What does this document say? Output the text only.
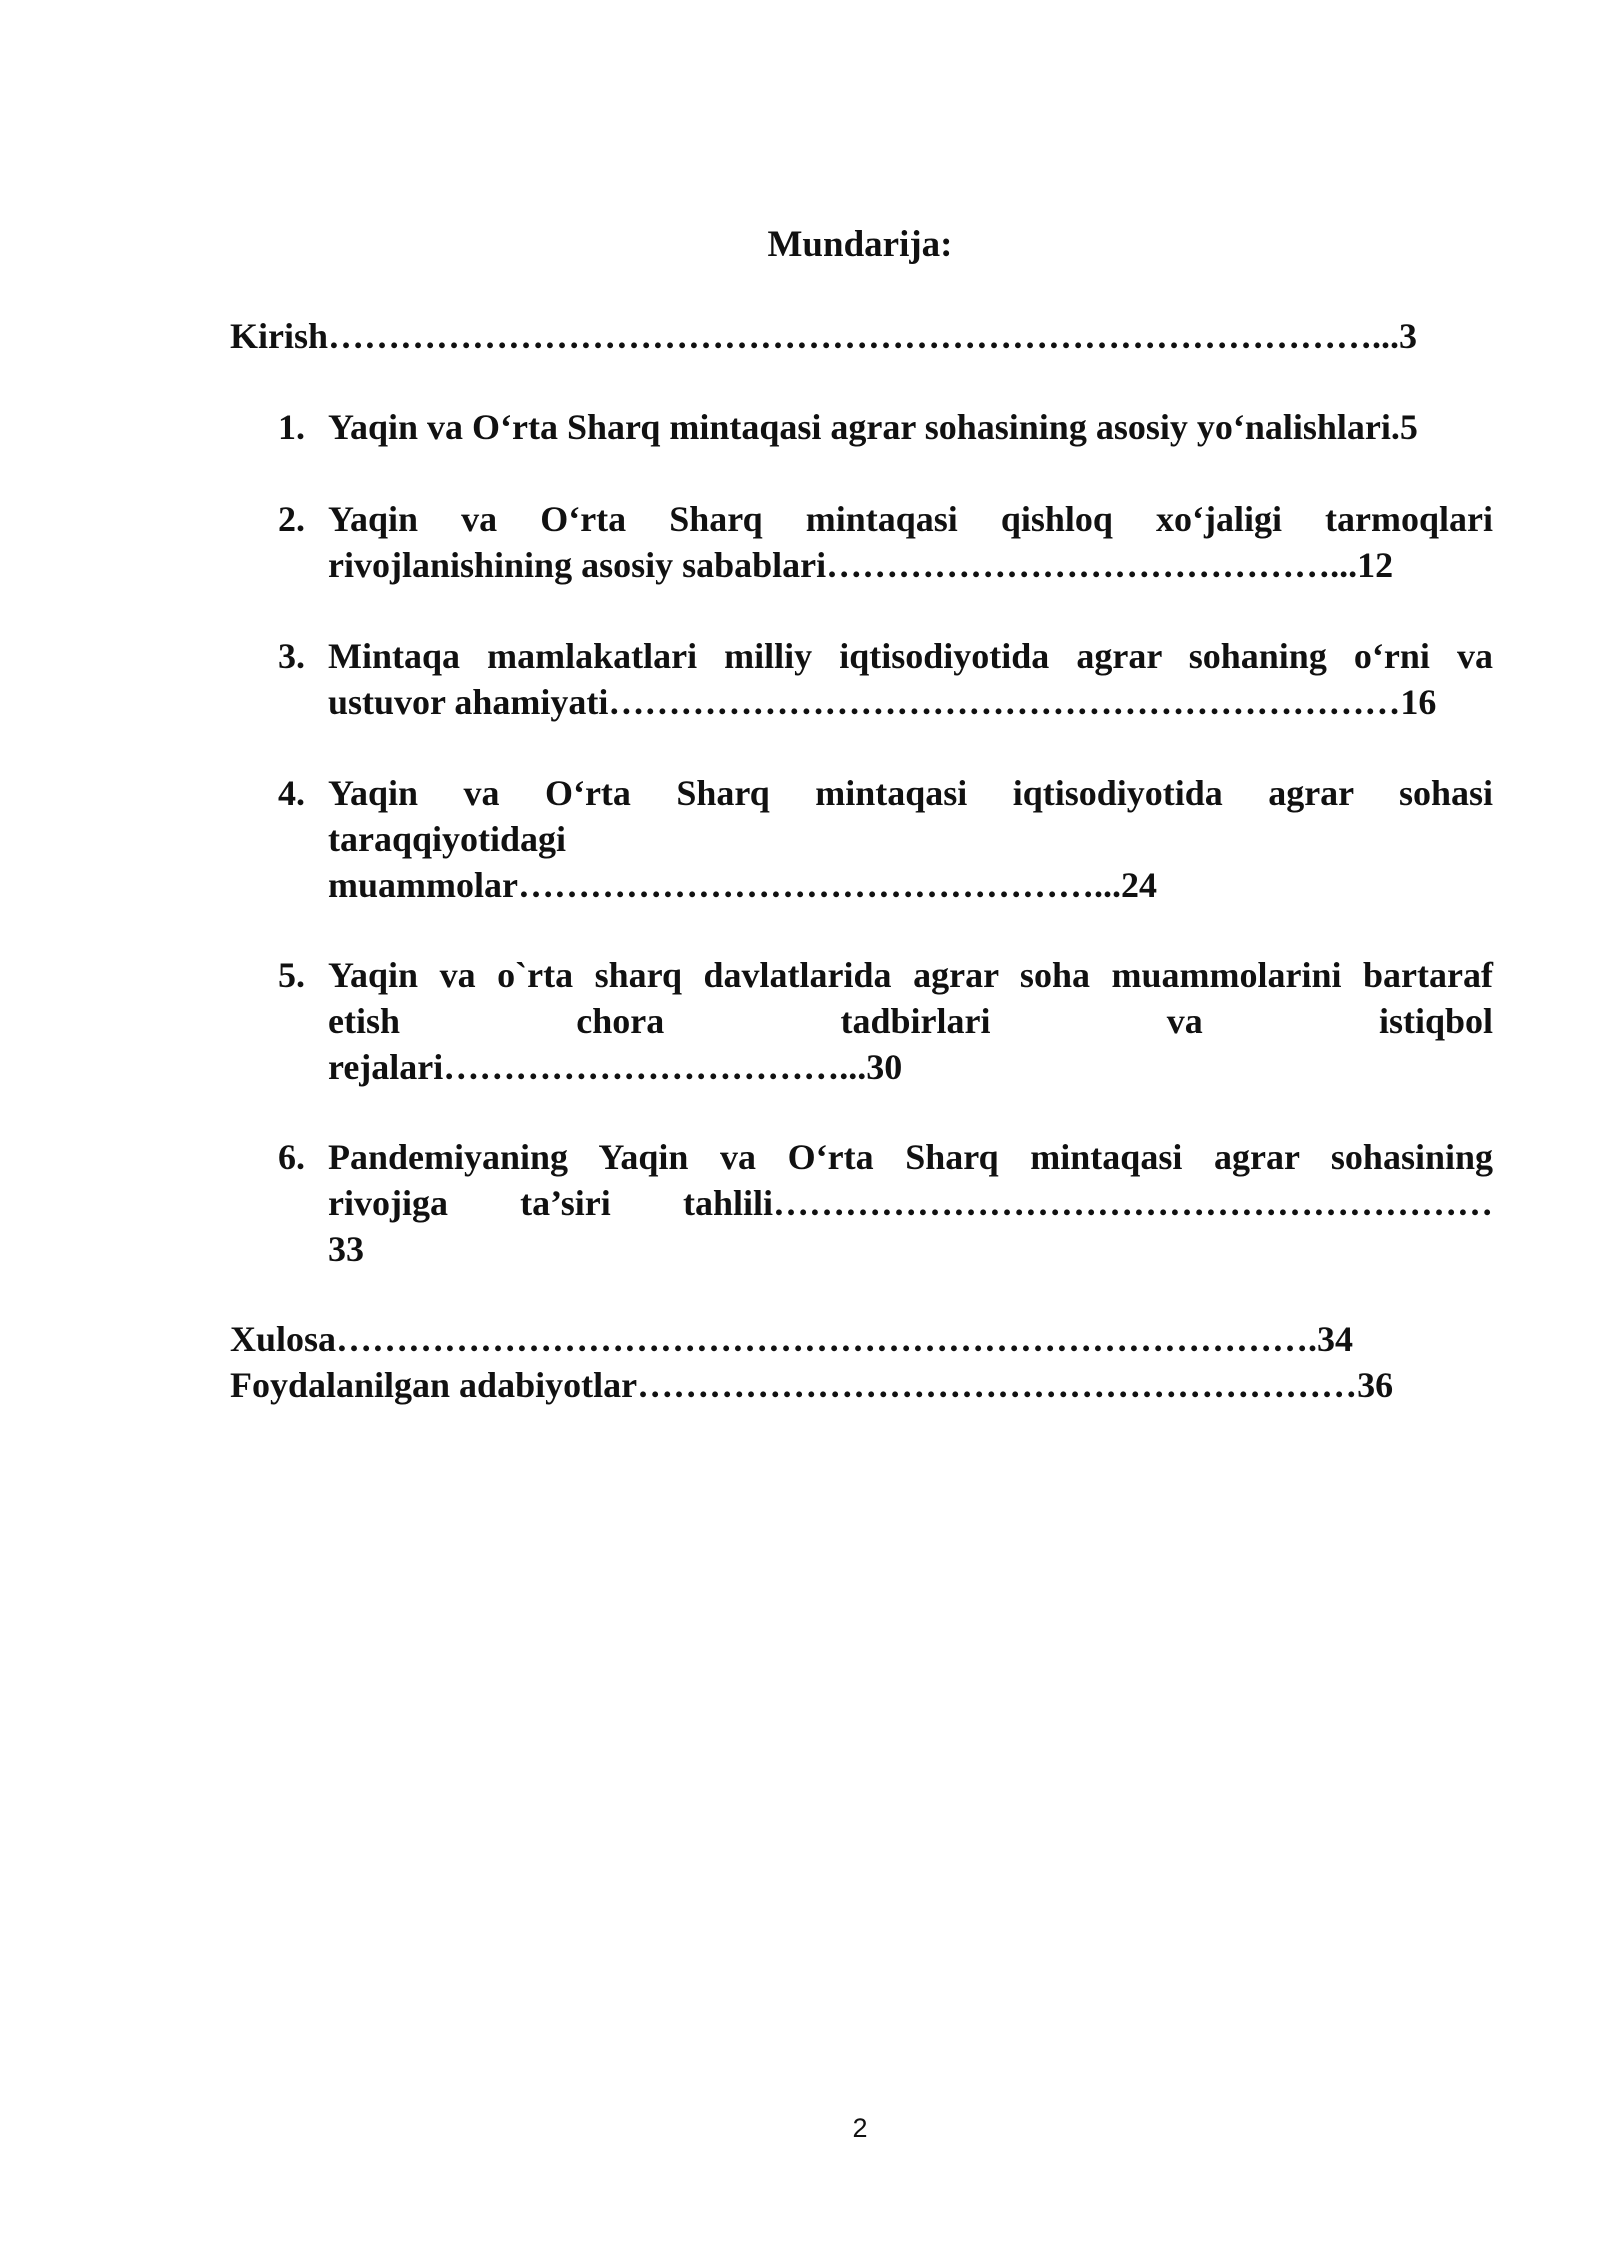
Mundarija:
Kirish……………………………………………………………………………...3
1. Yaqin va O‘rta Sharq mintaqasi agrar sohasining asosiy yo‘nalishlari.5
2. Yaqin va O‘rta Sharq mintaqasi qishloq xo‘jaligi tarmoqlari
rivojlanishining asosiy sabablari……………………………………...12
3. Mintaqa mamlakatlari milliy iqtisodiyotida agrar sohaning o‘rni va
ustuvor ahamiyati…………………………………………………………16
4. Yaqin va O‘rta Sharq mintaqasi iqtisodiyotida agrar sohasi
taraqqiyotidagi
muammolar…………………………………………...24
5. Yaqin va o`rta sharq davlatlarida agrar soha muammolarini bartaraf
etish chora tadbirlari va istiqbol
rejalari……………………………...30
6. Pandemiyaning Yaqin va O‘rta Sharq mintaqasi agrar sohasining
rivojiga ta’siri tahlili……………………………………………………
33
Xulosa……………………………………………………………………….34
Foydalanilgan adabiyotlar……………………………………………………36
2
